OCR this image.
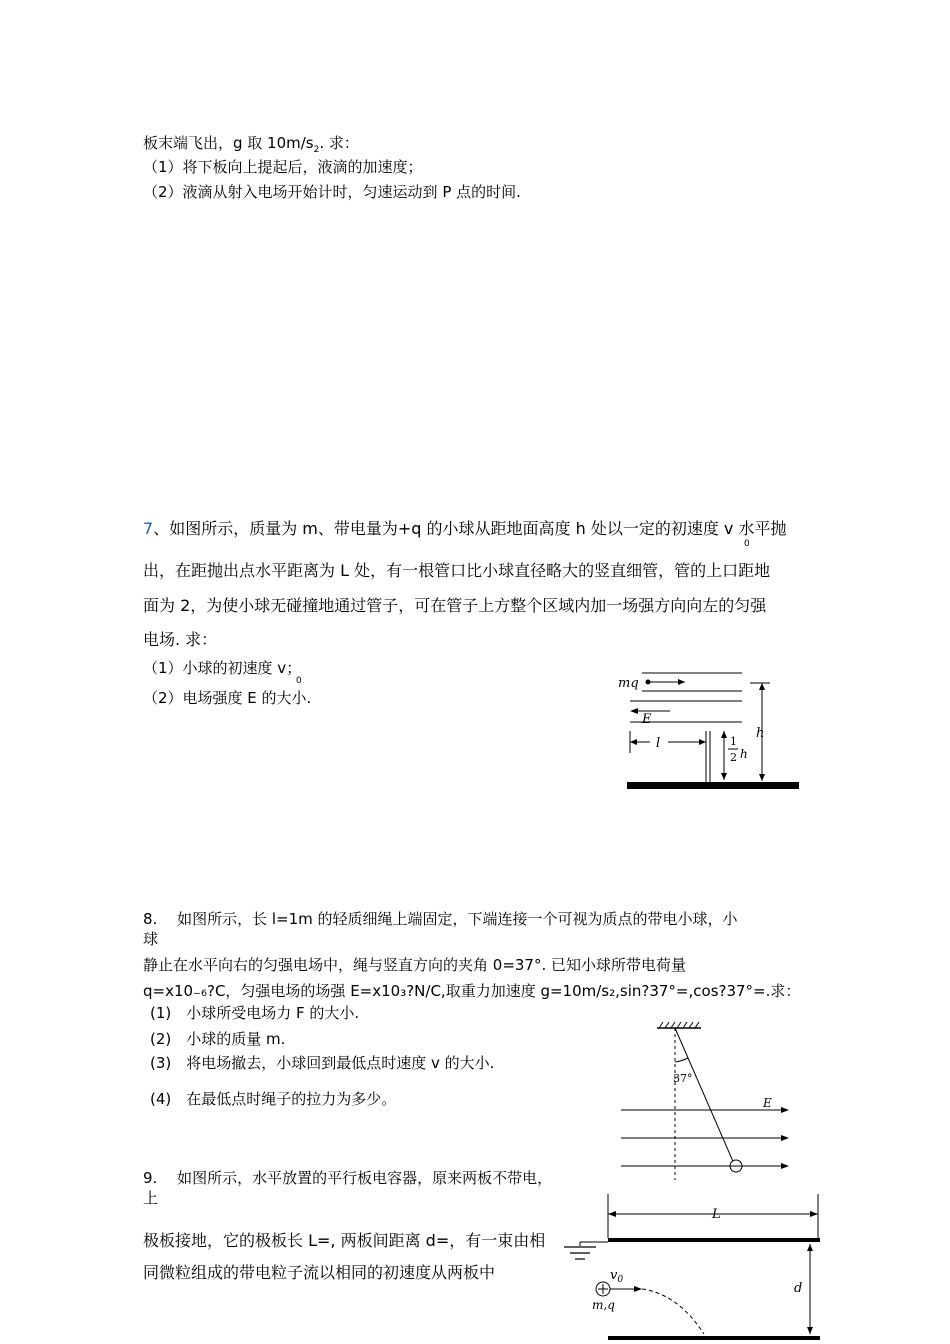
板末端飞出，g 取 $10m/s_2$. 求：
（1）将下板向上提起后，液滴的加速度；
（2）液滴从射入电场开始计时，匀速运动到 P 点的时间.
7、如图所示，质量为 m、带电量为+q 的小球从距地面高度 h 处以一定的初速度 v 水平抛
0
出，在距抛出点水平距离为 L 处，有一根管口比小球直径略大的竖直细管，管的上口距地
面为 2，为使小球无碰撞地通过管子，可在管子上方整个区域内加一场强方向向左的匀强
电场. 求：
（1）小球的初速度 v；
0
（2）电场强度 E 的大小.
mq
E
l	1
2 h
h
8.　 如图所示，长 l=1m 的轻质细绳上端固定，下端连接一个可视为质点的带电小球，小
球
静止在水平向右的匀强电场中，绳与竖直方向的夹角 0=37°. 已知小球所带电荷量
q=x10₋₆?C，匀强电场的场强 E=x10₃?N/C,取重力加速度 g=10m/s₂,sin?37°=,cos?37°=.求：
(1)　小球所受电场力 F 的大小.
(2)　小球的质量 m.
(3)　将电场撤去，小球回到最低点时速度 v 的大小.
(4)　在最低点时绳子的拉力为多少。
37°
E
9.　 如图所示，水平放置的平行板电容器，原来两板不带电，
上
极板接地，它的极板长 L=, 两板间距离 d=，有一束由相
同微粒组成的带电粒子流以相同的初速度从两板中
L
d
$v_0$
m,q
